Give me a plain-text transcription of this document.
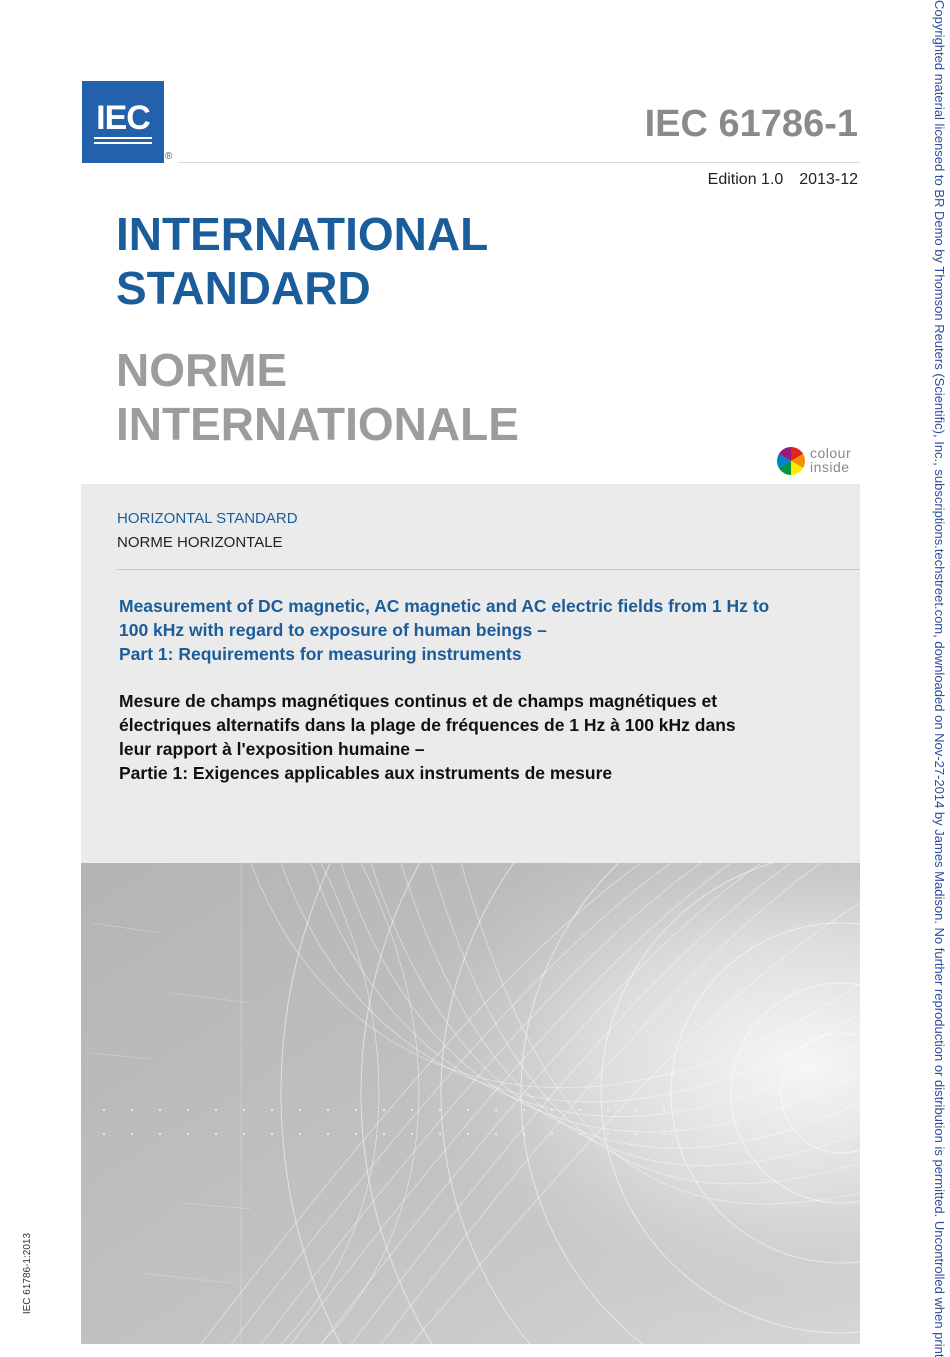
IEC
®
IEC 61786-1
Edition 1.0 2013-12
INTERNATIONAL
STANDARD
NORME
INTERNATIONALE
colour
inside
HORIZONTAL STANDARD
NORME HORIZONTALE
Measurement of DC magnetic, AC magnetic and AC electric fields from 1 Hz to
100 kHz with regard to exposure of human beings –
Part 1: Requirements for measuring instruments
Mesure de champs magnétiques continus et de champs magnétiques et
électriques alternatifs dans la plage de fréquences de 1 Hz à 100 kHz dans
leur rapport à l'exposition humaine –
Partie 1: Exigences applicables aux instruments de mesure	Copyrighted material licensed to BR Demo by Thomson Reuters (Scientific), Inc., subscriptions.techstreet.com, downloaded on Nov-27-2014 by James Madison. No further reproduction or distribution is permitted. Uncontrolled when print
IEC 61786-1:2013
